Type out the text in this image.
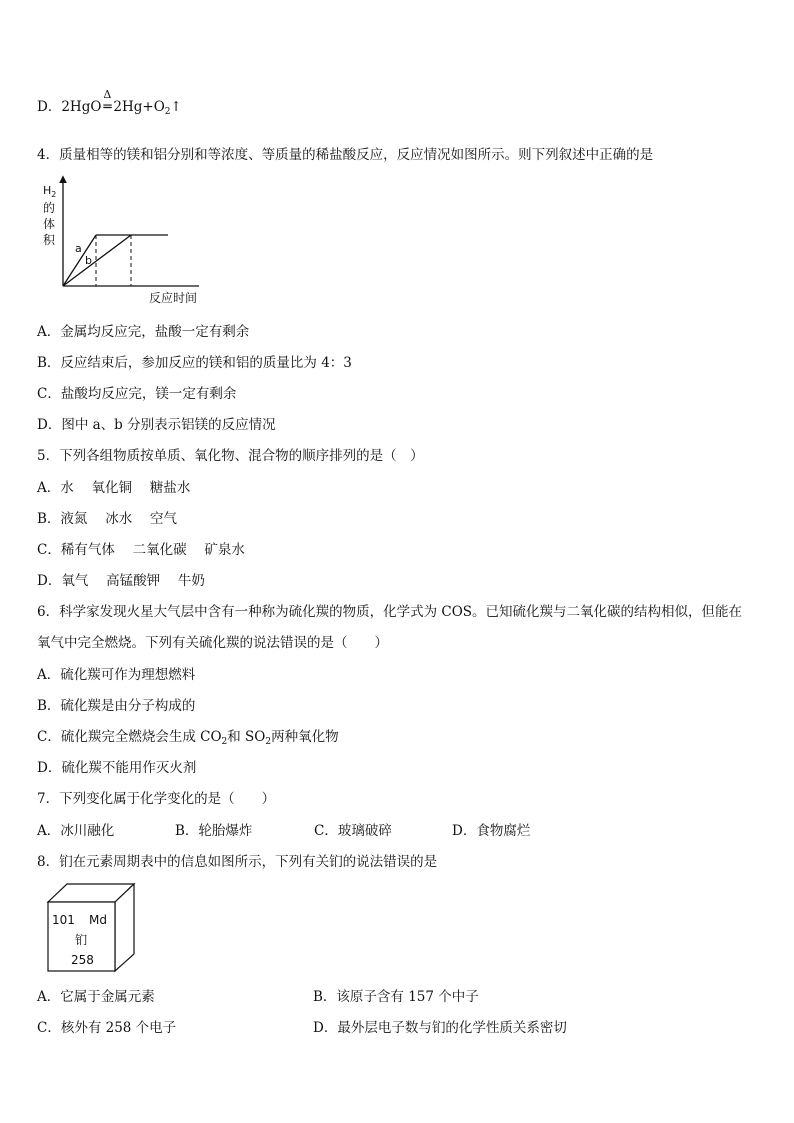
D．2HgO
Δ
═ $2Hg+O_2↑$
4．质量相等的镁和铝分别和等浓度、等质量的稀盐酸反应，反应情况如图所示。则下列叙述中正确的是
$H_2$
的
体
积
a
b
反应时间
A．金属均反应完，盐酸一定有剩余
B．反应结束后，参加反应的镁和铝的质量比为 4：3
C．盐酸均反应完，镁一定有剩余
D．图中 a、b 分别表示铝镁的反应情况
5．下列各组物质按单质、氧化物、混合物的顺序排列的是（　）
A．水　 氧化铜　 糖盐水
B．液氮　 冰水　 空气
C．稀有气体　 二氧化碳　 矿泉水
D．氧气　 高锰酸钾　 牛奶
6．科学家发现火星大气层中含有一种称为硫化羰的物质，化学式为 COS。已知硫化羰与二氧化碳的结构相似，但能在
氧气中完全燃烧。下列有关硫化羰的说法错误的是（　　）
A．硫化羰可作为理想燃料
B．硫化羰是由分子构成的
C．硫化羰完全燃烧会生成 $CO_2$和 $SO_2$两种氧化物
D．硫化羰不能用作灭火剂
7．下列变化属于化学变化的是（　　）
A．冰川融化	B．轮胎爆炸	C．玻璃破碎	D．食物腐烂
8．钔在元素周期表中的信息如图所示，下列有关钔的说法错误的是
101 Md
钔
258
A．它属于金属元素	B．该原子含有 157 个中子
C．核外有 258 个电子	D．最外层电子数与钔的化学性质关系密切
